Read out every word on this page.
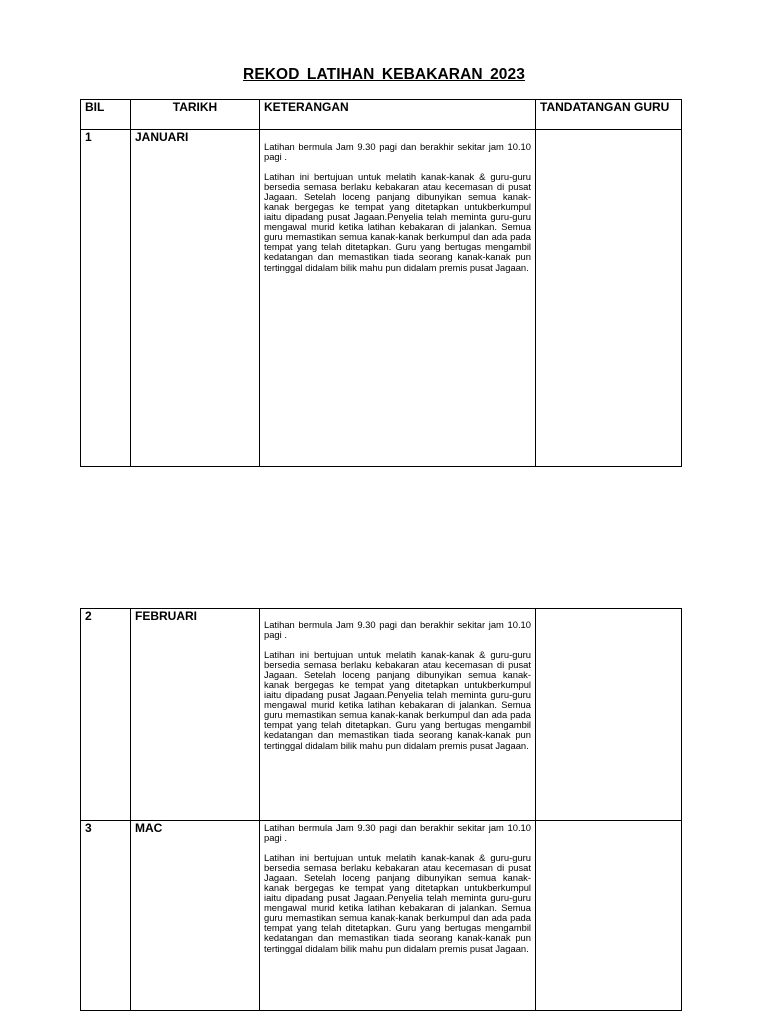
REKOD LATIHAN KEBAKARAN 2023
BIL	TARIKH	KETERANGAN	TANDATANGAN GURU
1	JANUARI	Latihan bermula Jam 9.30 pagi dan berakhir sekitar jam 10.10 pagi .

Latihan ini bertujuan untuk melatih kanak-kanak & guru-guru bersedia semasa berlaku kebakaran atau kecemasan di pusat Jagaan. Setelah loceng panjang dibunyikan semua kanak-kanak bergegas ke tempat yang ditetapkan untukberkumpul iaitu dipadang pusat Jagaan.Penyelia telah meminta guru-guru mengawal murid ketika latihan kebakaran di jalankan. Semua guru memastikan semua kanak-kanak berkumpul dan ada pada tempat yang telah ditetapkan. Guru yang bertugas mengambil kedatangan dan memastikan tiada seorang kanak-kanak pun tertinggal didalam bilik mahu pun didalam premis pusat Jagaan.	

2	FEBRUARI	Latihan bermula Jam 9.30 pagi dan berakhir sekitar jam 10.10 pagi .

Latihan ini bertujuan untuk melatih kanak-kanak & guru-guru bersedia semasa berlaku kebakaran atau kecemasan di pusat Jagaan. Setelah loceng panjang dibunyikan semua kanak-kanak bergegas ke tempat yang ditetapkan untukberkumpul iaitu dipadang pusat Jagaan.Penyelia telah meminta guru-guru mengawal murid ketika latihan kebakaran di jalankan. Semua guru memastikan semua kanak-kanak berkumpul dan ada pada tempat yang telah ditetapkan. Guru yang bertugas mengambil kedatangan dan memastikan tiada seorang kanak-kanak pun tertinggal didalam bilik mahu pun didalam premis pusat Jagaan.	

3	MAC	Latihan bermula Jam 9.30 pagi dan berakhir sekitar jam 10.10 pagi .

Latihan ini bertujuan untuk melatih kanak-kanak & guru-guru bersedia semasa berlaku kebakaran atau kecemasan di pusat Jagaan. Setelah loceng panjang dibunyikan semua kanak-kanak bergegas ke tempat yang ditetapkan untukberkumpul iaitu dipadang pusat Jagaan.Penyelia telah meminta guru-guru mengawal murid ketika latihan kebakaran di jalankan. Semua guru memastikan semua kanak-kanak berkumpul dan ada pada tempat yang telah ditetapkan. Guru yang bertugas mengambil kedatangan dan memastikan tiada seorang kanak-kanak pun tertinggal didalam bilik mahu pun didalam premis pusat Jagaan.	
